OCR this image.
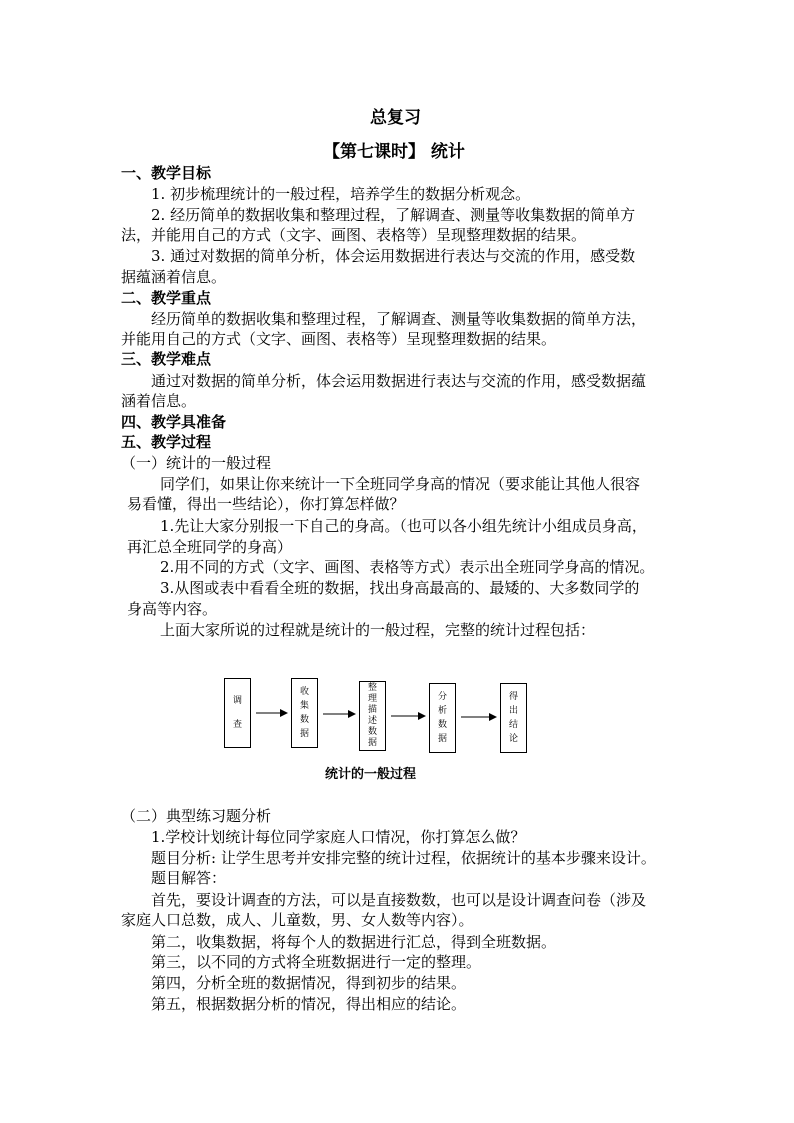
总复习
【第七课时】 统计
一、教学目标
1. 初步梳理统计的一般过程，培养学生的数据分析观念。
2. 经历简单的数据收集和整理过程，了解调查、测量等收集数据的简单方
法，并能用自己的方式（文字、画图、表格等）呈现整理数据的结果。
3. 通过对数据的简单分析，体会运用数据进行表达与交流的作用，感受数
据蕴涵着信息。
二、教学重点
经历简单的数据收集和整理过程，了解调查、测量等收集数据的简单方法，
并能用自己的方式（文字、画图、表格等）呈现整理数据的结果。
三、教学难点
通过对数据的简单分析，体会运用数据进行表达与交流的作用，感受数据蕴
涵着信息。
四、教学具准备
五、教学过程
（一）统计的一般过程
同学们，如果让你来统计一下全班同学身高的情况（要求能让其他人很容
易看懂，得出一些结论），你打算怎样做？
1.先让大家分别报一下自己的身高。（也可以各小组先统计小组成员身高，
再汇总全班同学的身高）
2.用不同的方式（文字、画图、表格等方式）表示出全班同学身高的情况。
3.从图或表中看看全班的数据，找出身高最高的、最矮的、大多数同学的
身高等内容。
上面大家所说的过程就是统计的一般过程，完整的统计过程包括：
调
查
收
集
数
据
整
理
描
述
数
据
分
析
数
据
得
出
结
论
统计的一般过程
（二）典型练习题分析
1.学校计划统计每位同学家庭人口情况，你打算怎么做？
题目分析: 让学生思考并安排完整的统计过程，依据统计的基本步骤来设计。
题目解答：
首先，要设计调查的方法，可以是直接数数，也可以是设计调查问卷（涉及
家庭人口总数，成人、儿童数，男、女人数等内容）。
第二，收集数据，将每个人的数据进行汇总，得到全班数据。
第三，以不同的方式将全班数据进行一定的整理。
第四，分析全班的数据情况，得到初步的结果。
第五，根据数据分析的情况，得出相应的结论。
